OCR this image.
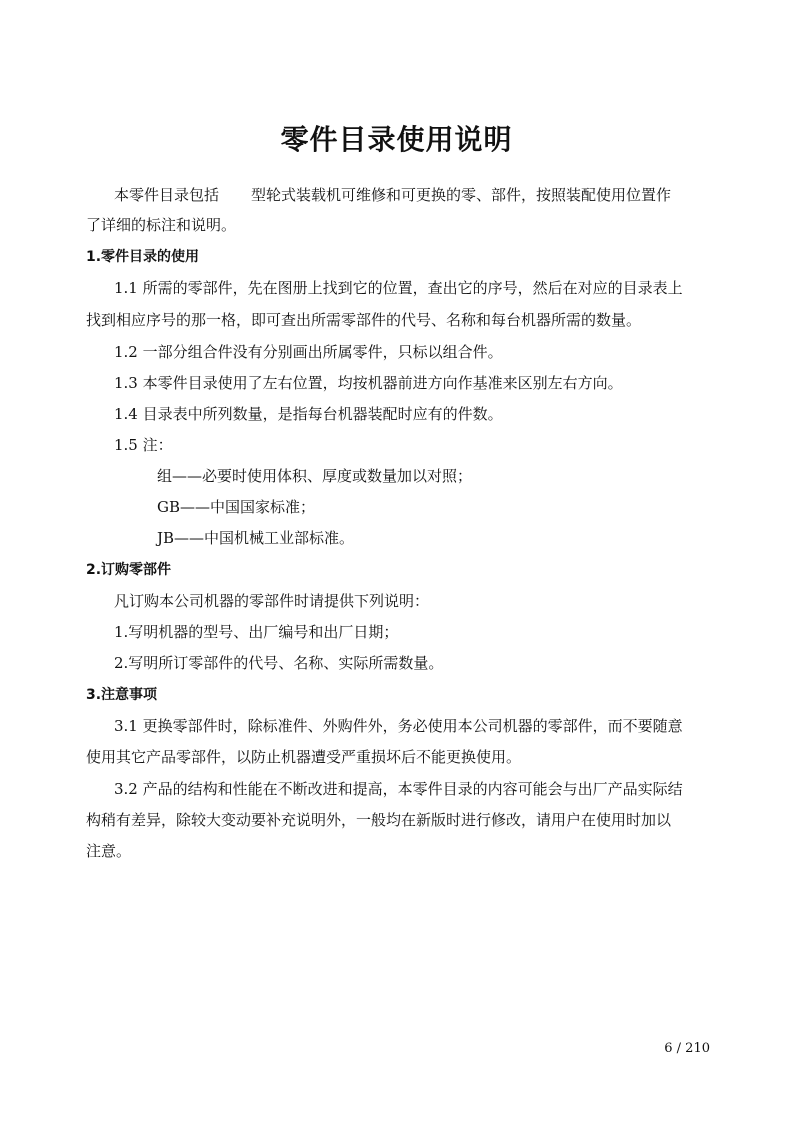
零件目录使用说明

本零件目录包括 型轮式装载机可维修和可更换的零、部件，按照装配使用位置作

了详细的标注和说明。

1.零件目录的使用

1.1 所需的零部件，先在图册上找到它的位置，查出它的序号，然后在对应的目录表上

找到相应序号的那一格，即可查出所需零部件的代号、名称和每台机器所需的数量。

1.2 一部分组合件没有分别画出所属零件，只标以组合件。

1.3 本零件目录使用了左右位置，均按机器前进方向作基准来区别左右方向。

1.4 目录表中所列数量，是指每台机器装配时应有的件数。

1.5 注：

组——必要时使用体积、厚度或数量加以对照；

GB——中国国家标准；

JB——中国机械工业部标准。

2.订购零部件

凡订购本公司机器的零部件时请提供下列说明：

1.写明机器的型号、出厂编号和出厂日期；

2.写明所订零部件的代号、名称、实际所需数量。

3.注意事项

3.1 更换零部件时，除标准件、外购件外，务必使用本公司机器的零部件，而不要随意

使用其它产品零部件，以防止机器遭受严重损坏后不能更换使用。

3.2 产品的结构和性能在不断改进和提高，本零件目录的内容可能会与出厂产品实际结

构稍有差异，除较大变动要补充说明外，一般均在新版时进行修改，请用户在使用时加以

注意。

6 / 210
